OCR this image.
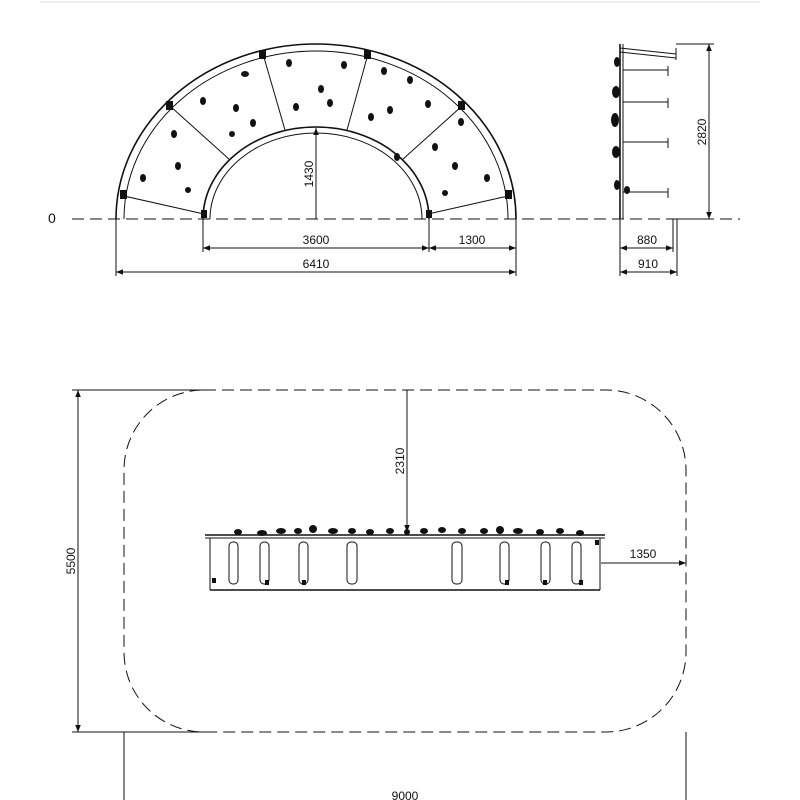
0
1430
3600	1300
6410
2820
880
910
5500
2310
1350
9000
